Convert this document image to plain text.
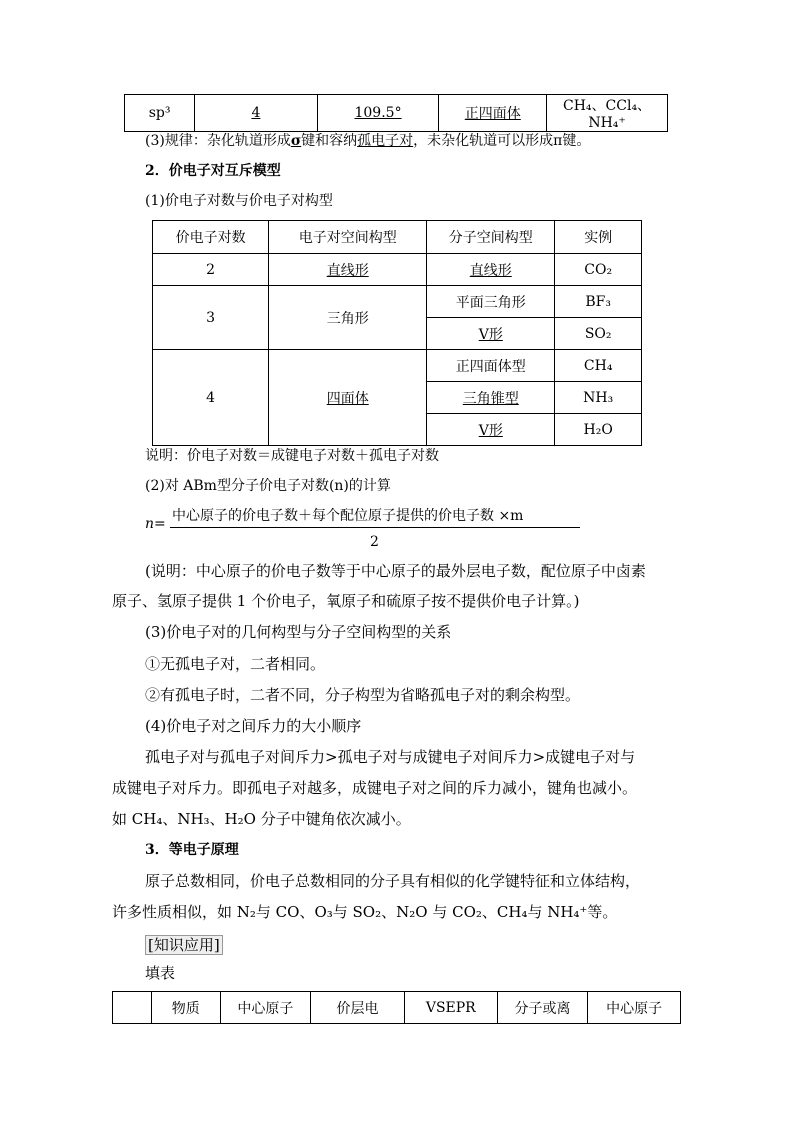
sp³	4	109.5°	正四面体	CH₄、CCl₄、NH₄⁺
(3)规律：杂化轨道形成σ键和容纳孤电子对，未杂化轨道可以形成π键。
2．价电子对互斥模型
(1)价电子对数与价电子对构型
价电子对数	电子对空间构型	分子空间构型	实例
2	直线形	直线形	CO₂
3	三角形	平面三角形	BF₃
		V形	SO₂
4	四面体	正四面体型	CH₄
		三角锥型	NH₃
		V形	H₂O
说明：价电子对数＝成键电子对数＋孤电子对数
(2)对 ABm型分子价电子对数(n)的计算
n= 中心原子的价电子数＋每个配位原子提供的价电子数 ×m
2
(说明：中心原子的价电子数等于中心原子的最外层电子数，配位原子中卤素
原子、氢原子提供 1 个价电子，氧原子和硫原子按不提供价电子计算。)
(3)价电子对的几何构型与分子空间构型的关系
①无孤电子对，二者相同。
②有孤电子时，二者不同，分子构型为省略孤电子对的剩余构型。
(4)价电子对之间斥力的大小顺序
孤电子对与孤电子对间斥力>孤电子对与成键电子对间斥力>成键电子对与
成键电子对斥力。即孤电子对越多，成键电子对之间的斥力减小，键角也减小。
如 CH₄、NH₃、H₂O 分子中键角依次减小。
3．等电子原理
原子总数相同，价电子总数相同的分子具有相似的化学键特征和立体结构，
许多性质相似，如 N₂与 CO、O₃与 SO₂、N₂O 与 CO₂、CH₄与 NH₄⁺等。
[知识应用]
填表
	物质	中心原子	价层电	VSEPR	分子或离	中心原子
